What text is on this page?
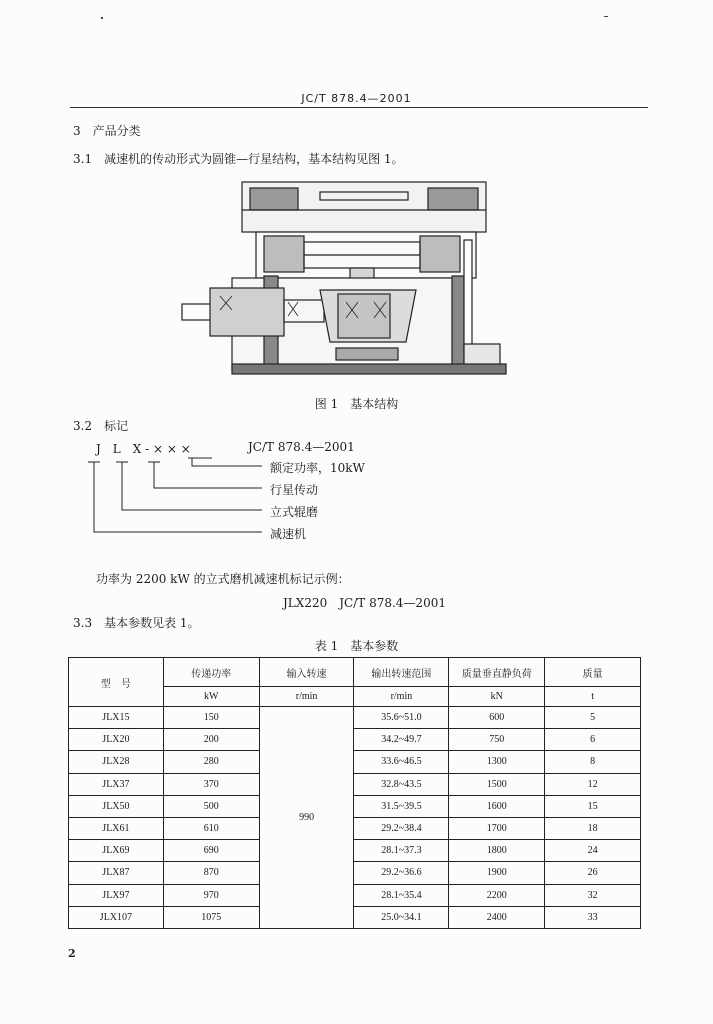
JC/T 878.4—2001
3　产品分类
3.1　减速机的传动形式为圆锥—行星结构，基本结构见图 1。
图 1　基本结构
3.2　标记
J　L　X - × × ×	JC/T 878.4—2001
额定功率，10kW
行星传动
立式辊磨
减速机
功率为 2200 kW 的立式磨机减速机标记示例：
JLX220　JC/T 878.4—2001
3.3　基本参数见表 1。
表 1　基本参数
型　号	传递功率	输入转速	输出转速范围	质量垂直静负荷	质量
	kW	r/min	r/min	kN	t
JLX15	150	990	35.6~51.0	600	5
JLX20	200		34.2~49.7	750	6
JLX28	280		33.6~46.5	1300	8
JLX37	370		32.8~43.5	1500	12
JLX50	500		31.5~39.5	1600	15
JLX61	610		29.2~38.4	1700	18
JLX69	690		28.1~37.3	1800	24
JLX87	870		29.2~36.6	1900	26
JLX97	970		28.1~35.4	2200	32
JLX107	1075		25.0~34.1	2400	33
2
